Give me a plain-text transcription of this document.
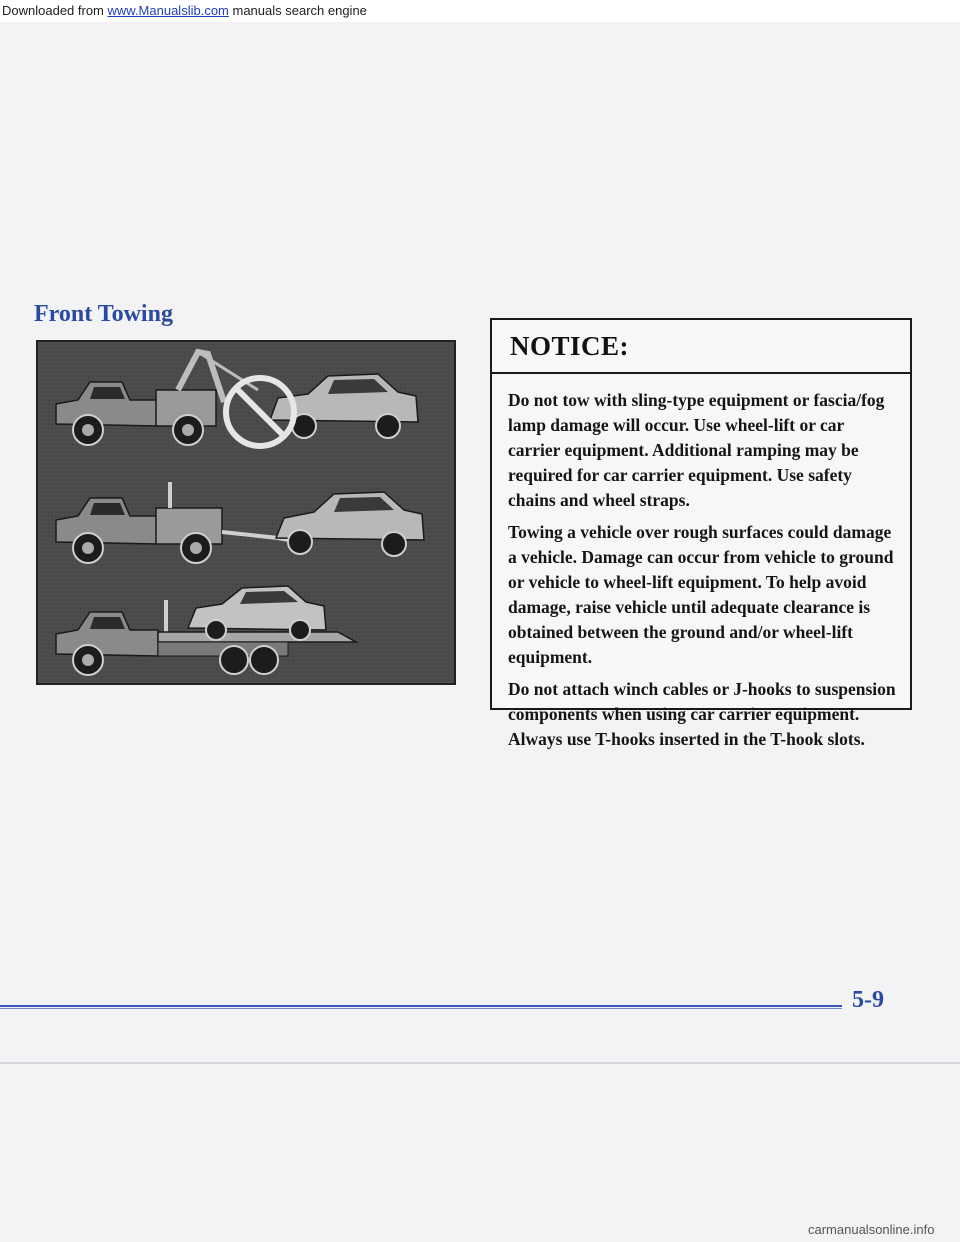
Downloaded from www.Manualslib.com manuals search engine
Front Towing
NOTICE:

Do not tow with sling-type equipment or fascia/fog lamp damage will occur. Use wheel-lift or car carrier equipment. Additional ramping may be required for car carrier equipment. Use safety chains and wheel straps.

Towing a vehicle over rough surfaces could damage a vehicle. Damage can occur from vehicle to ground or vehicle to wheel-lift equipment. To help avoid damage, raise vehicle until adequate clearance is obtained between the ground and/or wheel-lift equipment.

Do not attach winch cables or J-hooks to suspension components when using car carrier equipment. Always use T-hooks inserted in the T-hook slots.

5-9
carmanualsonline.info
